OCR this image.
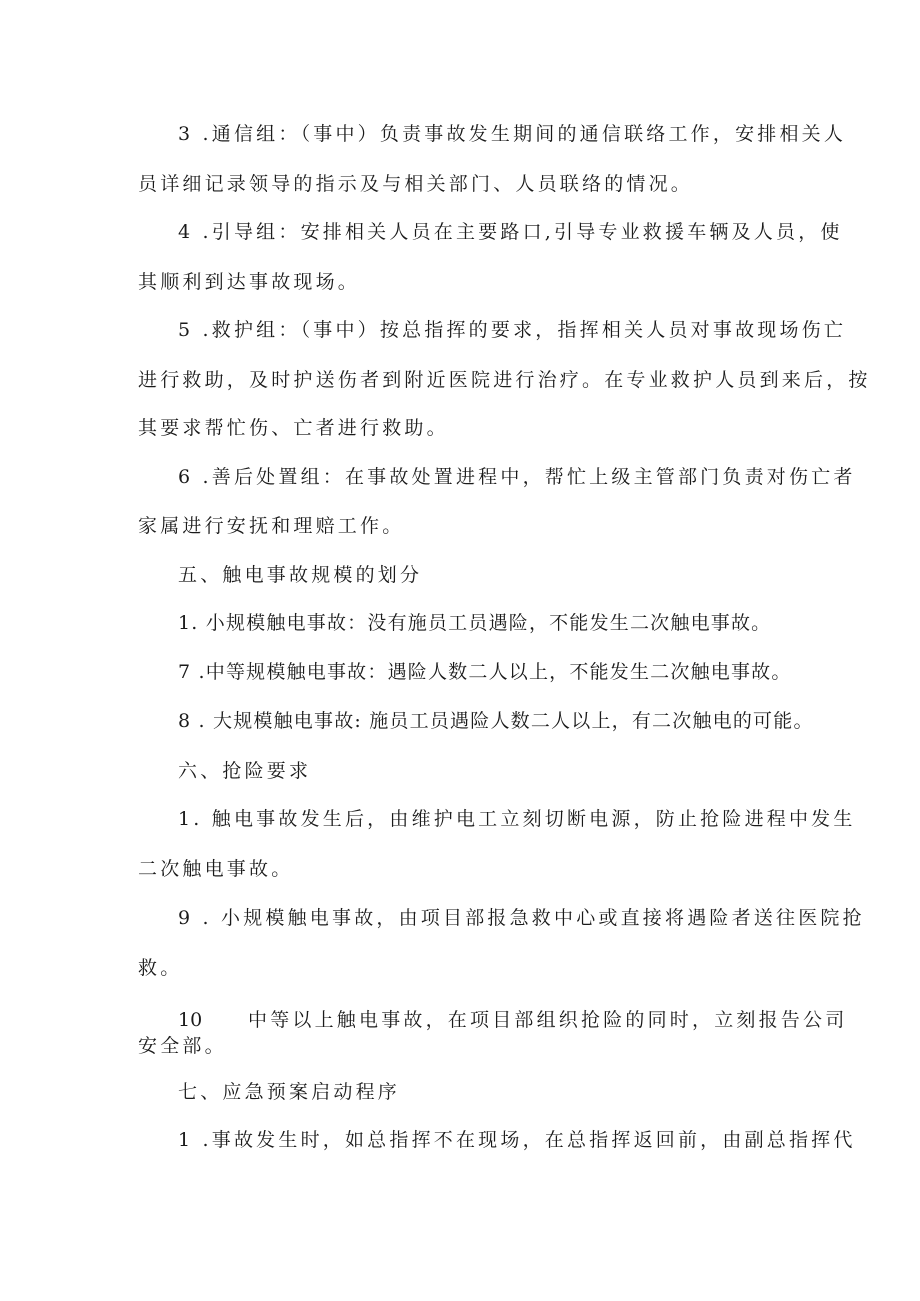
3 .通信组：（事中）负责事故发生期间的通信联络工作，安排相关人
员详细记录领导的指示及与相关部门、人员联络的情况。
4 .引导组：安排相关人员在主要路口,引导专业救援车辆及人员，使
其顺利到达事故现场。
5 .救护组：（事中）按总指挥的要求，指挥相关人员对事故现场伤亡
进行救助，及时护送伤者到附近医院进行治疗。在专业救护人员到来后，按
其要求帮忙伤、亡者进行救助。
6 .善后处置组：在事故处置进程中，帮忙上级主管部门负责对伤亡者
家属进行安抚和理赔工作。
五、触电事故规模的划分
1. 小规模触电事故：没有施员工员遇险，不能发生二次触电事故。
7 .中等规模触电事故：遇险人数二人以上，不能发生二次触电事故。
8 . 大规模触电事故: 施员工员遇险人数二人以上，有二次触电的可能。
六、抢险要求
1. 触电事故发生后，由维护电工立刻切断电源，防止抢险进程中发生
二次触电事故。
9 . 小规模触电事故，由项目部报急救中心或直接将遇险者送往医院抢
救。
10 中等以上触电事故，在项目部组织抢险的同时，立刻报告公司
安全部。
七、应急预案启动程序
1 .事故发生时，如总指挥不在现场，在总指挥返回前，由副总指挥代
